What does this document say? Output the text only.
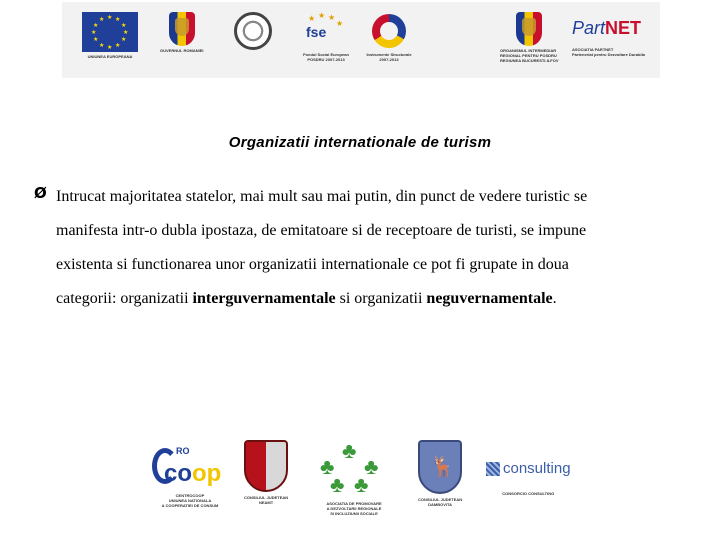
★ ★
★
★
★
★
★
★
★
★
★
★
UNIUNEA EUROPEANA
GUVERNUL ROMANIEI
fse
★ ★ ★
★
Fondul Social European
POSDRU 2007-2013
Instrumente Structurale
2007-2013
ORGANISMUL INTERMEDIAR
REGIONAL PENTRU POSDRU
REGIUNEA BUCURESTI-ILFOV
PartNET
ASOCIATIA PARTNET
Parteneriat pentru Dezvoltare Durabila
Organizatii internationale de turism
Ø Intrucat majoritatea statelor, mai mult sau mai putin, din punct de vedere turistic se
manifesta intr-o dubla ipostaza, de emitatoare si de receptoare de turisti, se impune
existenta si functionarea unor organizatii internationale ce pot fi grupate in doua
categorii: organizatii interguvernamentale si organizatii neguvernamentale.
RO
coop
CENTROCOOP
UNIUNEA NATIONALA
A COOPERATIEI DE CONSUM
CONSILIUL JUDETEAN
NEAMT
♣
♣ ♣
♣ ♣
ASOCIATIA DE PROMOVARE
A DEZVOLTARII REGIONALE
SI INCLUZIUNII SOCIALE
🦌
CONSILIUL JUDETEAN
DAMBOVITA
consulting
CONSORCIO CONSULTING
